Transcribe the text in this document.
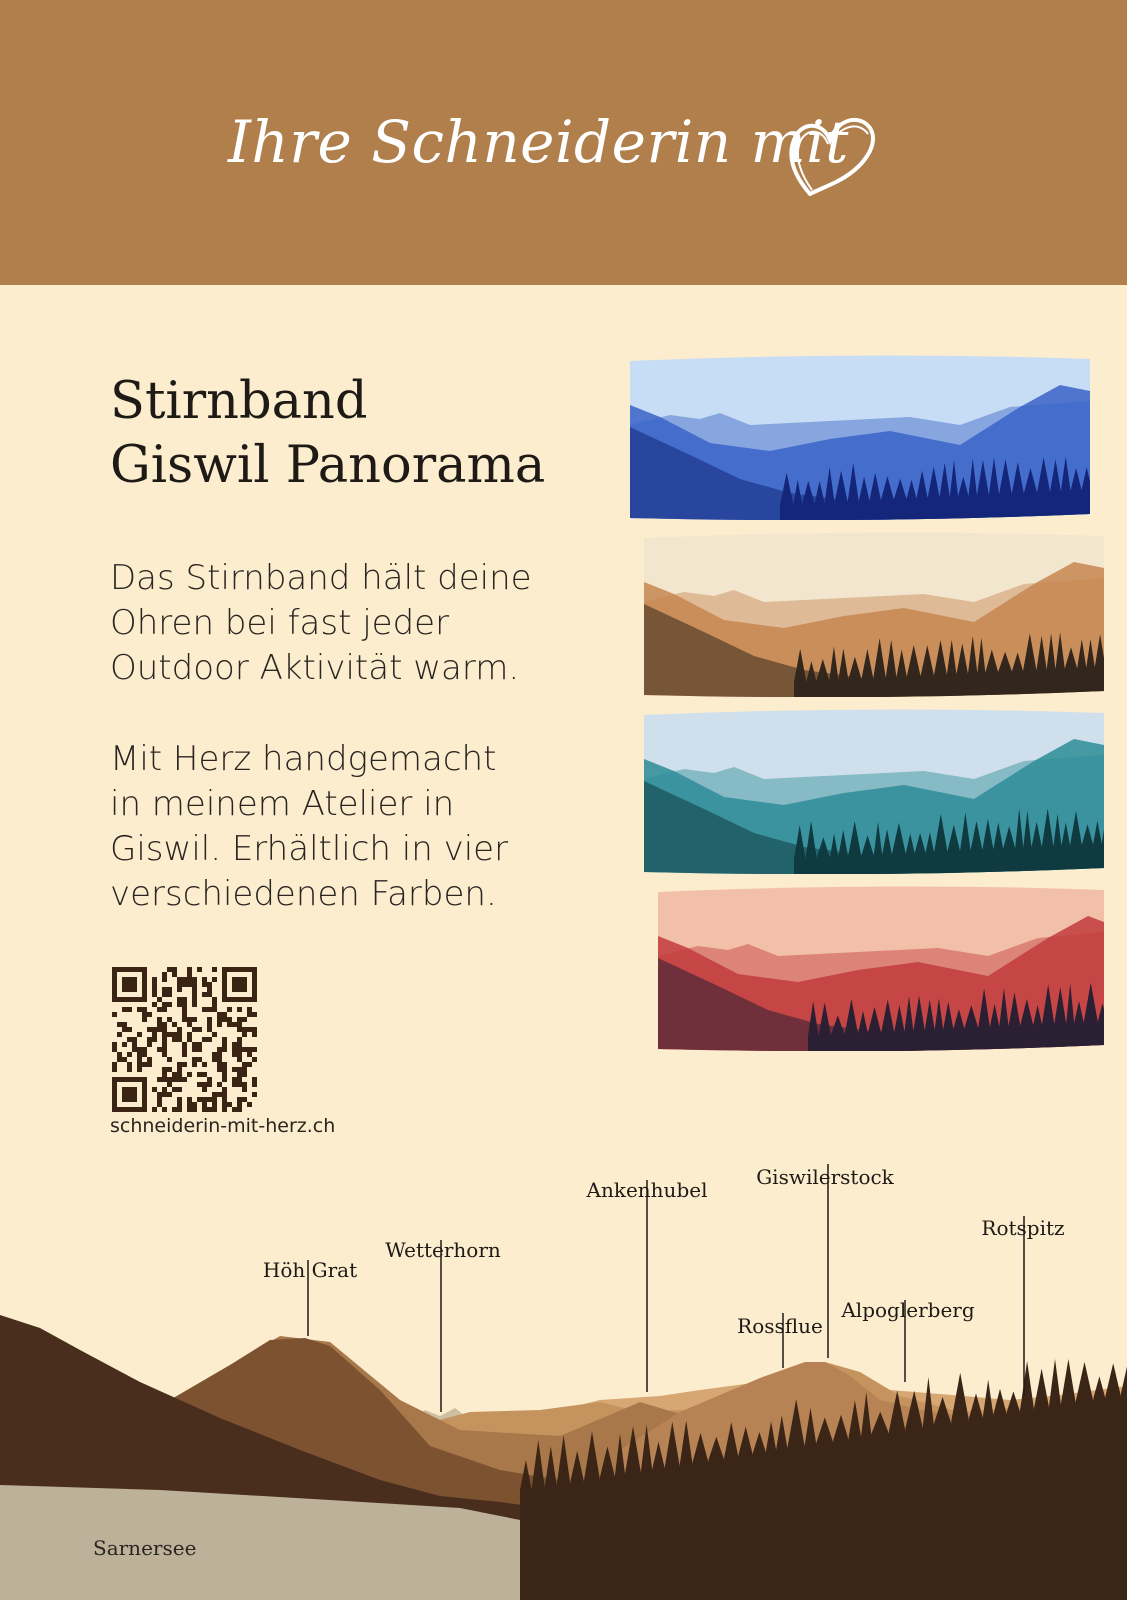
Ihre Schneiderin mit
Stirnband
Giswil Panorama
Das Stirnband hält deine
Ohren bei fast jeder
Outdoor Aktivität warm.
Mit Herz handgemacht
in meinem Atelier in
Giswil. Erhältlich in vier
verschiedenen Farben.
schneiderin-mit-herz.ch
Höh Grat
Wetterhorn
Ankenhubel
Giswilerstock
Rossflue
Alpoglerberg
Rotspitz
Sarnersee
